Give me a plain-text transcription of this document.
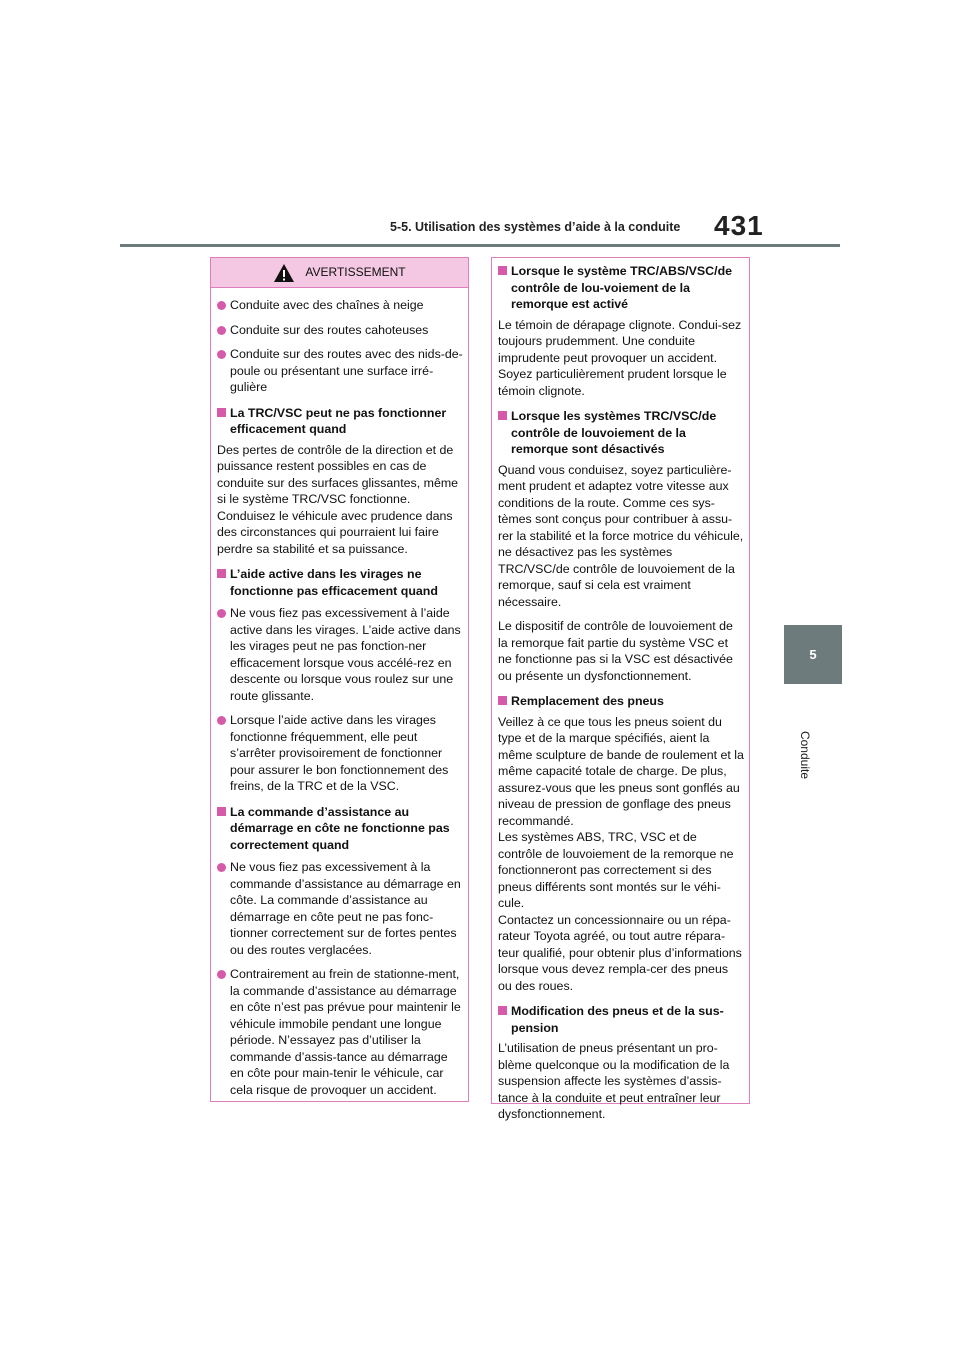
5-5. Utilisation des systèmes d’aide à la conduite	431
5
Conduite
AVERTISSEMENT
Conduite avec des chaînes à neige
Conduite sur des routes cahoteuses
Conduite sur des routes avec des nids-de-poule ou présentant une surface irré-gulière
La TRC/VSC peut ne pas fonctionner efficacement quand
Des pertes de contrôle de la direction et de puissance restent possibles en cas de conduite sur des surfaces glissantes, même si le système TRC/VSC fonctionne. Conduisez le véhicule avec prudence dans des circonstances qui pourraient lui faire perdre sa stabilité et sa puissance.
L’aide active dans les virages ne fonctionne pas efficacement quand
Ne vous fiez pas excessivement à l’aide active dans les virages. L’aide active dans les virages peut ne pas fonction-ner efficacement lorsque vous accélé-rez en descente ou lorsque vous roulez sur une route glissante.
Lorsque l’aide active dans les virages fonctionne fréquemment, elle peut s’arrêter provisoirement de fonctionner pour assurer le bon fonctionnement des freins, de la TRC et de la VSC.
La commande d’assistance au démarrage en côte ne fonctionne pas correctement quand
Ne vous fiez pas excessivement à la commande d’assistance au démarrage en côte. La commande d’assistance au démarrage en côte peut ne pas fonc-tionner correctement sur de fortes pentes ou des routes verglacées.
Contrairement au frein de stationne-ment, la commande d’assistance au démarrage en côte n’est pas prévue pour maintenir le véhicule immobile pendant une longue période. N’essayez pas d’utiliser la commande d’assis-tance au démarrage en côte pour main-tenir le véhicule, car cela risque de provoquer un accident.
Lorsque le système TRC/ABS/VSC/de contrôle de lou-voiement de la remorque est activé
Le témoin de dérapage clignote. Condui-sez toujours prudemment. Une conduite imprudente peut provoquer un accident. Soyez particulièrement prudent lorsque le témoin clignote.
Lorsque les systèmes TRC/VSC/de contrôle de louvoiement de la remorque sont désactivés
Quand vous conduisez, soyez particulière-ment prudent et adaptez votre vitesse aux conditions de la route. Comme ces sys-tèmes sont conçus pour contribuer à assu-rer la stabilité et la force motrice du véhicule, ne désactivez pas les systèmes TRC/VSC/de contrôle de louvoiement de la remorque, sauf si cela est vraiment nécessaire.
Le dispositif de contrôle de louvoiement de la remorque fait partie du système VSC et ne fonctionne pas si la VSC est désactivée ou présente un dysfonctionnement.
Remplacement des pneus
Veillez à ce que tous les pneus soient du type et de la marque spécifiés, aient la même sculpture de bande de roulement et la même capacité totale de charge. De plus, assurez-vous que les pneus sont gonflés au niveau de pression de gonflage des pneus recommandé.
Les systèmes ABS, TRC, VSC et de contrôle de louvoiement de la remorque ne fonctionneront pas correctement si des pneus différents sont montés sur le véhi-cule.
Contactez un concessionnaire ou un répa-rateur Toyota agréé, ou tout autre répara-teur qualifié, pour obtenir plus d’informations lorsque vous devez rempla-cer des pneus ou des roues.
Modification des pneus et de la sus-pension
L’utilisation de pneus présentant un pro-blème quelconque ou la modification de la suspension affecte les systèmes d’assis-tance à la conduite et peut entraîner leur dysfonctionnement.
